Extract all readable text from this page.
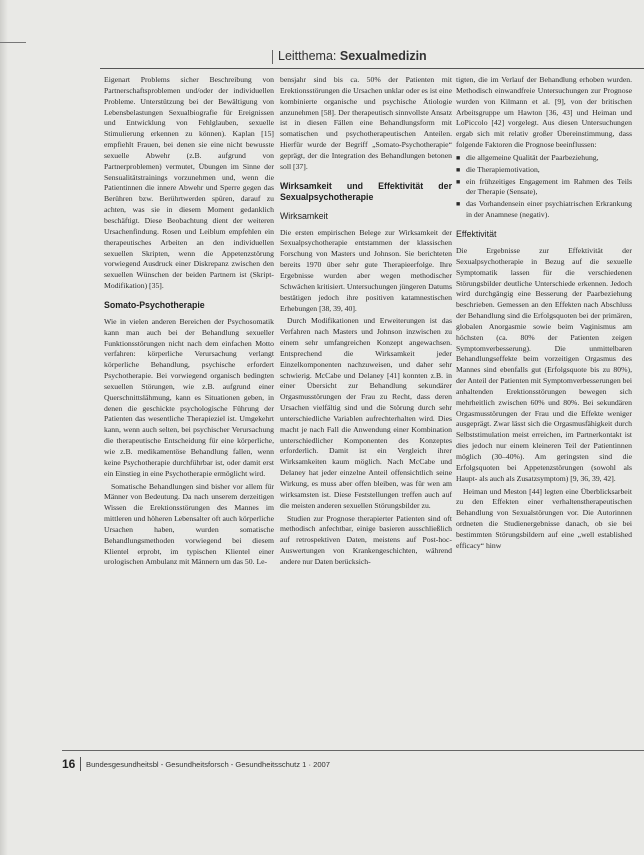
Leitthema: Sexualmedizin

Eigenart Problems sicher Beschreibung von Partnerschaftsproblemen und/oder der individuellen Probleme. Unterstützung bei der Bewältigung von Lebensbelastungen Sexualbiografie für Ereignissen und Entwicklung von Fehlglauben, sexuelle Stimulierung erkennen zu können). Kaplan [15] empfiehlt Frauen, bei denen sie eine nicht bewusste sexuelle Abwehr (z.B. aufgrund von Partnerproblemen) vermutet, Übungen im Sinne der Sensualitätstrainings vorzunehmen und, wenn die Patientinnen die innere Abwehr und Sperre gegen das Berühren bzw. Berührtwerden spüren, darauf zu achten, was sie in diesem Moment gedanklich beschäftigt. Diese Beobachtung dient der weiteren Ursachenfindung. Rosen und Leiblum empfehlen ein therapeutisches Arbeiten an den individuellen sexuellen Skripten, wenn die Appetenzstörung vorwiegend Ausdruck einer Diskrepanz zwischen den sexuellen Wünschen der beiden Partnern ist (Skript-Modifikation) [35].

Somato-Psychotherapie

Wie in vielen anderen Bereichen der Psychosomatik kann man auch bei der Behandlung sexueller Funktionsstörungen nicht nach dem einfachen Motto verfahren: körperliche Verursachung verlangt körperliche Behandlung, psychische erfordert Psychotherapie. Bei vorwiegend organisch bedingten sexuellen Störungen, wie z.B. aufgrund einer Querschnittslähmung, kann es Situationen geben, in denen die geschickte psychologische Führung der Patienten das wesentliche Therapieziel ist. Umgekehrt kann, wenn auch selten, bei psychischer Verursachung die therapeutische Entscheidung für eine körperliche, wie z.B. medikamentöse Behandlung fallen, wenn keine Psychotherapie durchführbar ist, oder damit erst ein Einstieg in eine Psychotherapie ermöglicht wird.

Somatische Behandlungen sind bisher vor allem für Männer von Bedeutung. Da nach unserem derzeitigen Wissen die Erektionsstörungen des Mannes im mittleren und höheren Lebensalter oft auch körperliche Ursachen haben, wurden somatische Behandlungsmethoden vorwiegend bei diesem Klientel erprobt, im typischen Klientel einer urologischen Ambulanz mit Männern um das 50. Le-

bensjahr sind bis ca. 50% der Patienten mit Erektionsstörungen die Ursachen unklar oder es ist eine kombinierte organische und psychische Ätiologie anzunehmen [58]. Der therapeutisch sinnvollste Ansatz ist in diesen Fällen eine Behandlungsform mit somatischen und psychotherapeutischen Anteilen. Hierfür wurde der Begriff „Somato-Psychotherapie“ geprägt, der die Integration des Behandlungen betonen soll [37].

Wirksamkeit und Effektivität der Sexualpsychotherapie
Wirksamkeit

Die ersten empirischen Belege zur Wirksamkeit der Sexualpsychotherapie entstammen der klassischen Forschung von Masters und Johnson. Sie berichteten bereits 1970 über sehr gute Therapieerfolge. Ihre Ergebnisse wurden aber wegen methodischer Schwächen kritisiert. Untersuchungen jüngeren Datums bestätigen jedoch ihre positiven katamnestischen Erhebungen [38, 39, 40].

Durch Modifikationen und Erweiterungen ist das Verfahren nach Masters und Johnson inzwischen zu einem sehr umfangreichen Konzept angewachsen. Entsprechend die Wirksamkeit jeder Einzelkomponenten nachzuweisen, und daher sehr schwierig. McCabe und Delaney [41] konnten z.B. in einer Übersicht zur Behandlung sekundärer Orgasmusstörungen der Frau zu Recht, dass deren Ursachen vielfältig sind und die Störung durch sehr unterschiedliche Variablen aufrechterhalten wird. Dies macht je nach Fall die Anwendung einer Kombination unterschiedlicher Komponenten des Konzeptes erforderlich. Damit ist ein Vergleich ihrer Wirksamkeiten kaum möglich. Nach McCabe und Delaney hat jeder einzelne Anteil offensichtlich seine Wirkung, es muss aber offen bleiben, was für wen am wirksamsten ist. Diese Feststellungen treffen auch auf die meisten anderen sexuellen Störungsbilder zu.

Studien zur Prognose therapierter Patienten sind oft methodisch anfechtbar, einige basieren ausschließlich auf retrospektiven Daten, meistens auf Post-hoc-Auswertungen von Krankengeschichten, während andere nur Daten berücksich-

tigten, die im Verlauf der Behandlung erhoben wurden. Methodisch einwandfreie Untersuchungen zur Prognose wurden von Kilmann et al. [9], von der britischen Arbeitsgruppe um Hawton [36, 43] und Heiman und LoPiccolo [42] vorgelegt. Aus diesen Untersuchungen ergab sich mit relativ großer Übereinstimmung, dass folgende Faktoren die Prognose beeinflussen:

■ die allgemeine Qualität der Paarbeziehung,
■ die Therapiemotivation,
■ ein frühzeitiges Engagement im Rahmen des Teils der Therapie (Sensate),
■ das Vorhandensein einer psychiatrischen Erkrankung in der Anamnese (negativ).
Effektivität

Die Ergebnisse zur Effektivität der Sexualpsychotherapie in Bezug auf die sexuelle Symptomatik lassen für die verschiedenen Störungsbilder deutliche Unterschiede erkennen. Jedoch wird durchgängig eine Besserung der Paarbeziehung beschrieben. Gemessen an den Effekten nach Abschluss der Behandlung sind die Erfolgsquoten bei der primären, globalen Anorgasmie sowie beim Vaginismus am höchsten (ca. 80% der Patienten zeigen Symptomverbesserung). Die unmittelbaren Behandlungseffekte beim vorzeitigen Orgasmus des Mannes sind ebenfalls gut (Erfolgsquote bis zu 80%), der Anteil der Patienten mit Symptomverbesserungen bei anhaltenden Erektionsstörungen bewegen sich mehrheitlich zwischen 60% und 80%. Bei sekundären Orgasmusstörungen der Frau und die Effekte weniger ausgeprägt. Zwar lässt sich die Orgasmusfähigkeit durch Selbststimulation meist erreichen, im Partnerkontakt ist dies jedoch nur einem kleineren Teil der Patientinnen möglich (30–40%). Am geringsten sind die Erfolgsquoten bei Appetenzstörungen (sowohl als Haupt- als auch als Zusatzsymptom) [9, 36, 39, 42].

Heiman und Meston [44] legten eine Überblicksarbeit zu den Effekten einer verhaltenstherapeutischen Behandlung von Sexualstörungen vor. Die Autorinnen ordneten die Studienergebnisse danach, ob sie bei bestimmten Störungsbildern auf eine „well established efficacy“ hinw

16 Bundesgesundheitsbl - Gesundheitsforsch - Gesundheitsschutz 1 · 2007
